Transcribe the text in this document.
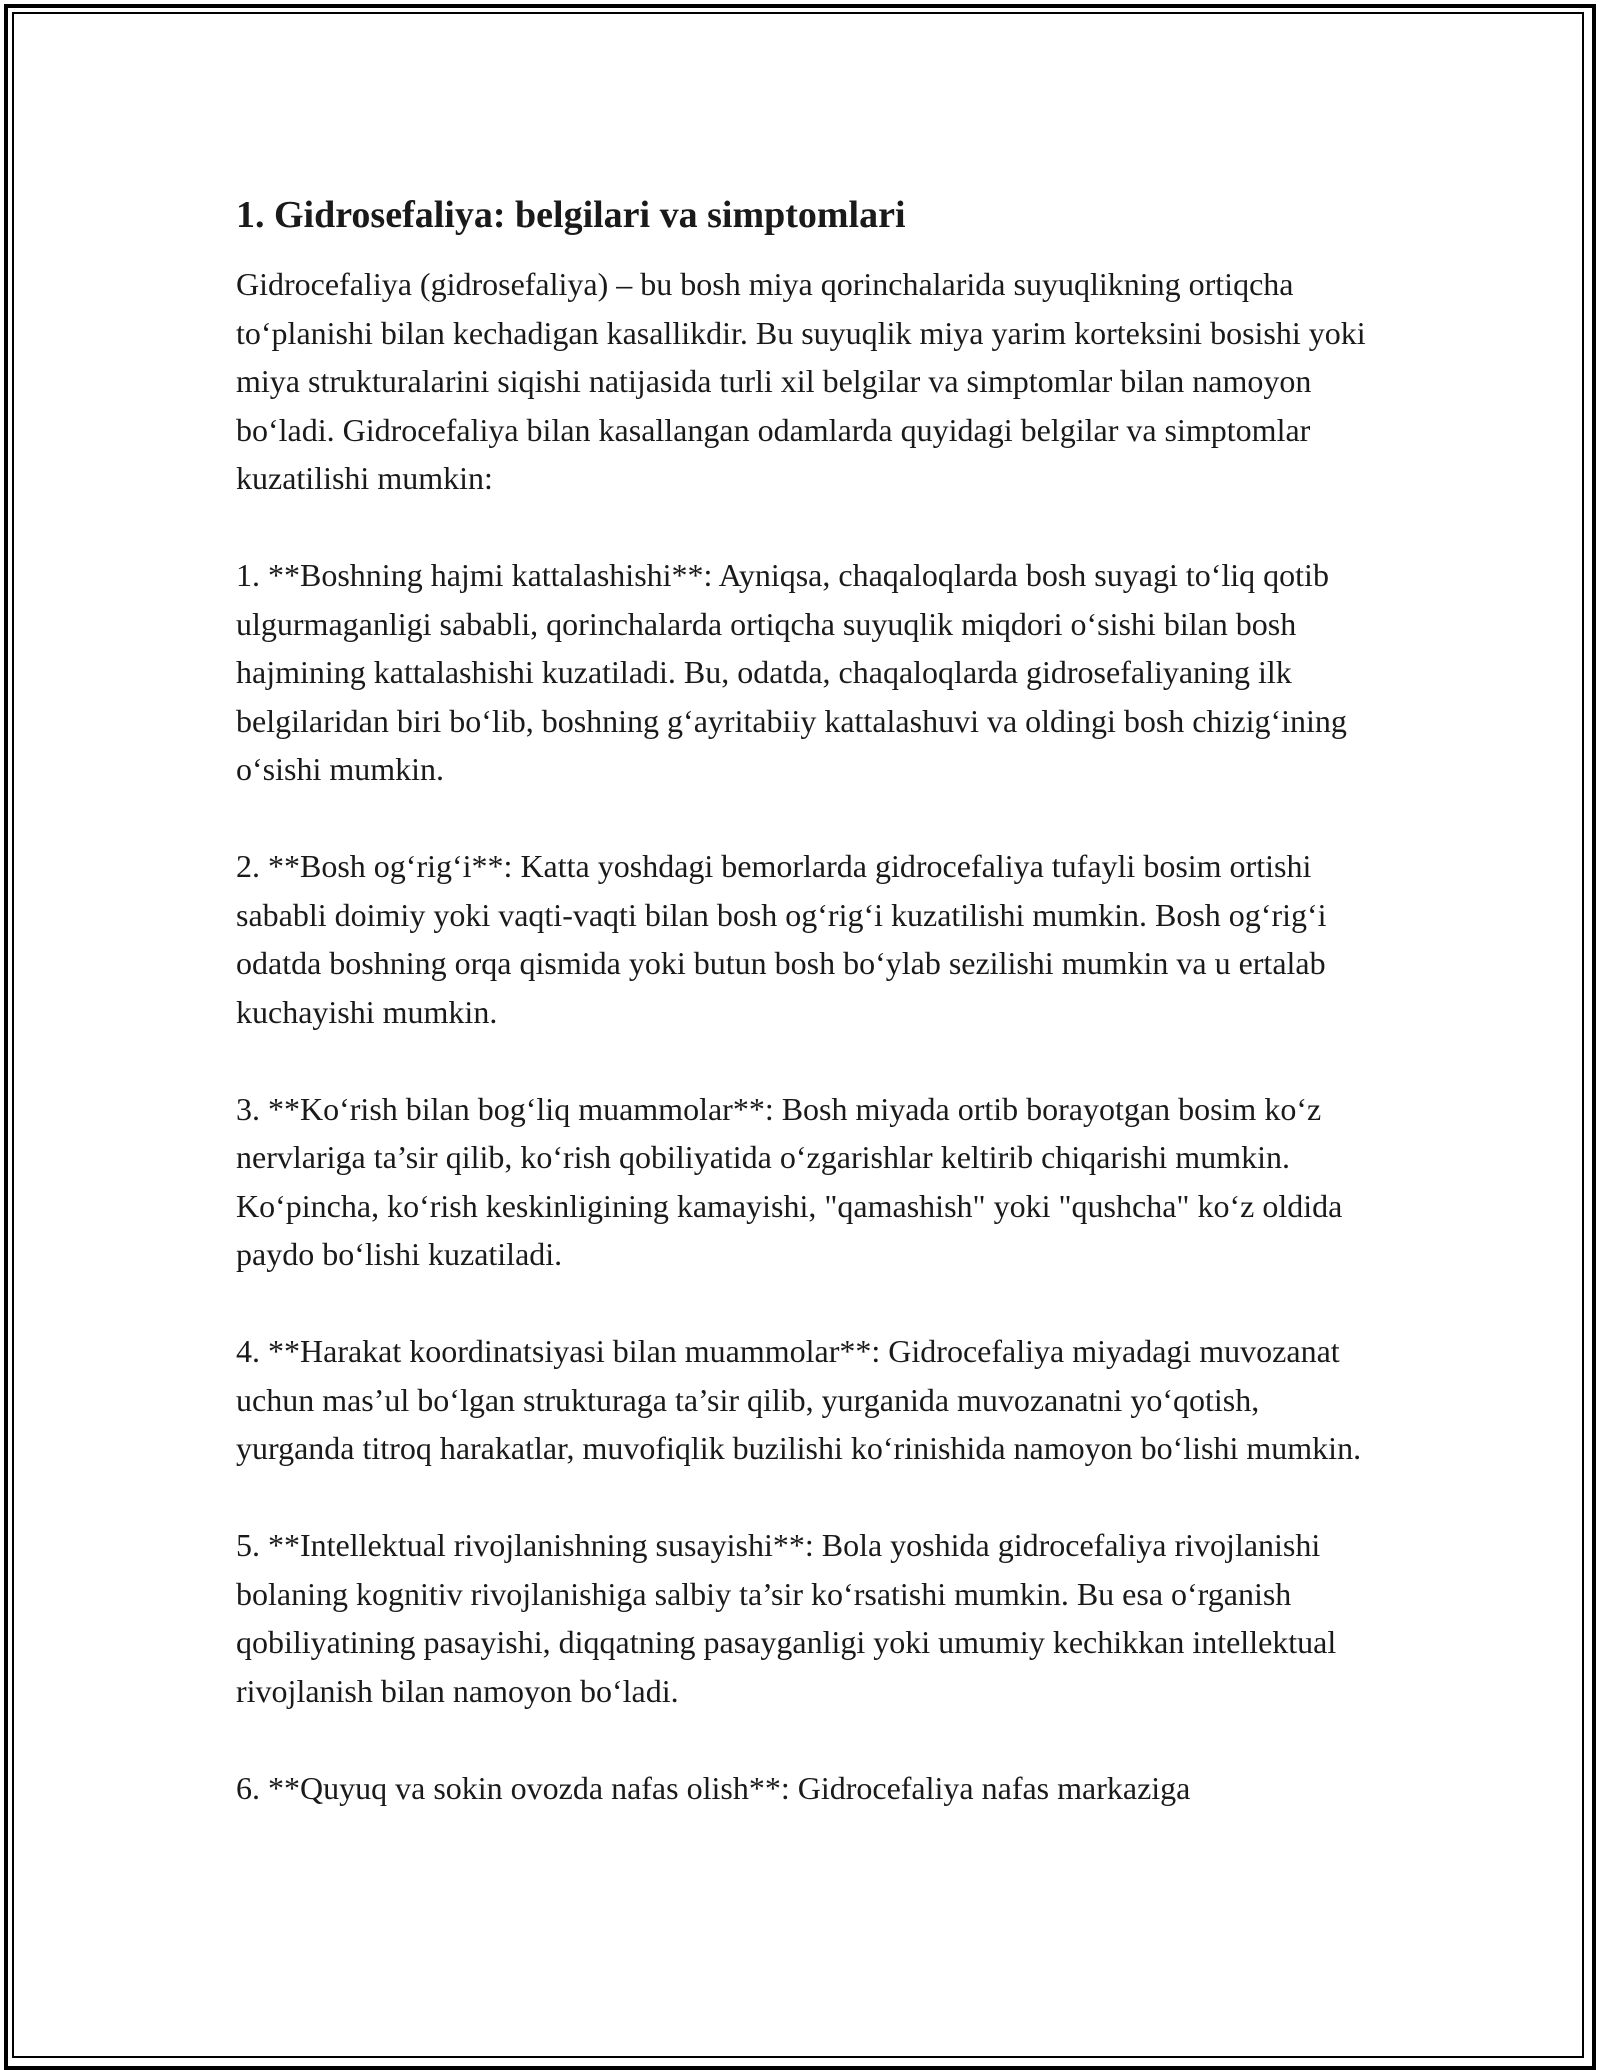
1. Gidrosefaliya: belgilari va simptomlari

Gidrocefaliya (gidrosefaliya) – bu bosh miya qorinchalarida suyuqlikning ortiqcha to‘planishi bilan kechadigan kasallikdir. Bu suyuqlik miya yarim korteksini bosishi yoki miya strukturalarini siqishi natijasida turli xil belgilar va simptomlar bilan namoyon bo‘ladi. Gidrocefaliya bilan kasallangan odamlarda quyidagi belgilar va simptomlar kuzatilishi mumkin:

1. **Boshning hajmi kattalashishi**: Ayniqsa, chaqaloqlarda bosh suyagi to‘liq qotib ulgurmaganligi sababli, qorinchalarda ortiqcha suyuqlik miqdori o‘sishi bilan bosh hajmining kattalashishi kuzatiladi. Bu, odatda, chaqaloqlarda gidrosefaliyaning ilk belgilaridan biri bo‘lib, boshning g‘ayritabiiy kattalashuvi va oldingi bosh chizig‘ining o‘sishi mumkin.

2. **Bosh og‘rig‘i**: Katta yoshdagi bemorlarda gidrocefaliya tufayli bosim ortishi sababli doimiy yoki vaqti-vaqti bilan bosh og‘rig‘i kuzatilishi mumkin. Bosh og‘rig‘i odatda boshning orqa qismida yoki butun bosh bo‘ylab sezilishi mumkin va u ertalab kuchayishi mumkin.

3. **Ko‘rish bilan bog‘liq muammolar**: Bosh miyada ortib borayotgan bosim ko‘z nervlariga ta’sir qilib, ko‘rish qobiliyatida o‘zgarishlar keltirib chiqarishi mumkin. Ko‘pincha, ko‘rish keskinligining kamayishi, "qamashish" yoki "qushcha" ko‘z oldida paydo bo‘lishi kuzatiladi.

4. **Harakat koordinatsiyasi bilan muammolar**: Gidrocefaliya miyadagi muvozanat uchun mas’ul bo‘lgan strukturaga ta’sir qilib, yurganida muvozanatni yo‘qotish, yurganda titroq harakatlar, muvofiqlik buzilishi ko‘rinishida namoyon bo‘lishi mumkin.

5. **Intellektual rivojlanishning susayishi**: Bola yoshida gidrocefaliya rivojlanishi bolaning kognitiv rivojlanishiga salbiy ta’sir ko‘rsatishi mumkin. Bu esa o‘rganish qobiliyatining pasayishi, diqqatning pasayganligi yoki umumiy kechikkan intellektual rivojlanish bilan namoyon bo‘ladi.

6. **Quyuq va sokin ovozda nafas olish**: Gidrocefaliya nafas markaziga
